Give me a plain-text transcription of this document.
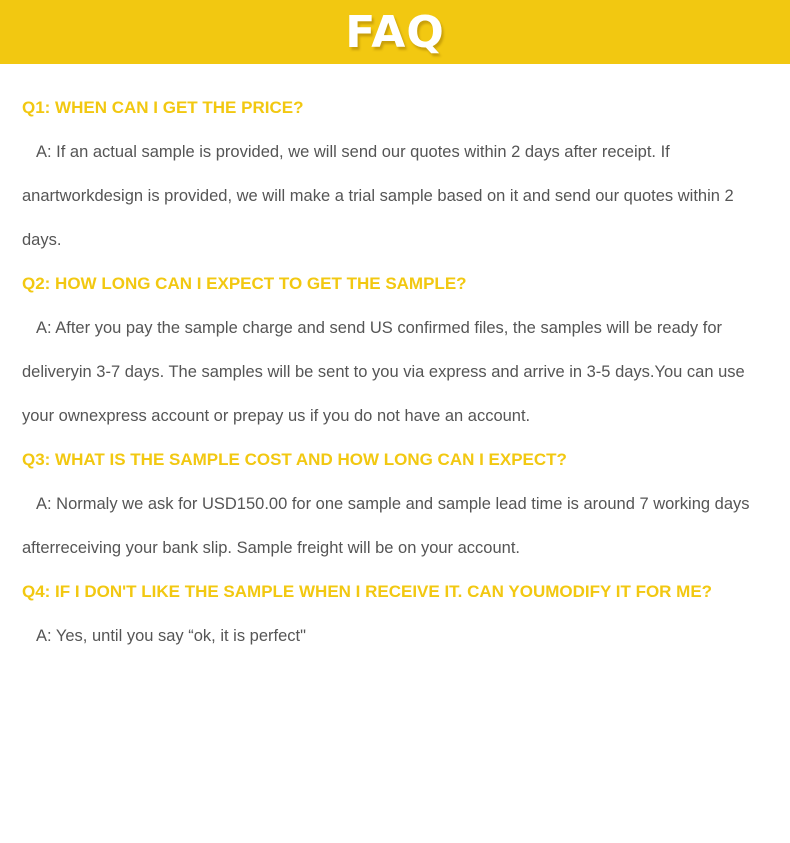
FAQ

Q1: WHEN CAN I GET THE PRICE?

A: If an actual sample is provided, we will send our quotes within 2 days after receipt. If anartworkdesign is provided, we will make a trial sample based on it and send our quotes within 2 days.

Q2: HOW LONG CAN I EXPECT TO GET THE SAMPLE?

A: After you pay the sample charge and send US confirmed files, the samples will be ready for deliveryin 3-7 days. The samples will be sent to you via express and arrive in 3-5 days.You can use your ownexpress account or prepay us if you do not have an account.

Q3: WHAT IS THE SAMPLE COST AND HOW LONG CAN I EXPECT?

A: Normaly we ask for USD150.00 for one sample and sample lead time is around 7 working days afterreceiving your bank slip. Sample freight will be on your account.

Q4: IF I DON'T LIKE THE SAMPLE WHEN I RECEIVE IT. CAN YOUMODIFY IT FOR ME?

A: Yes, until you say “ok, it is perfect"
